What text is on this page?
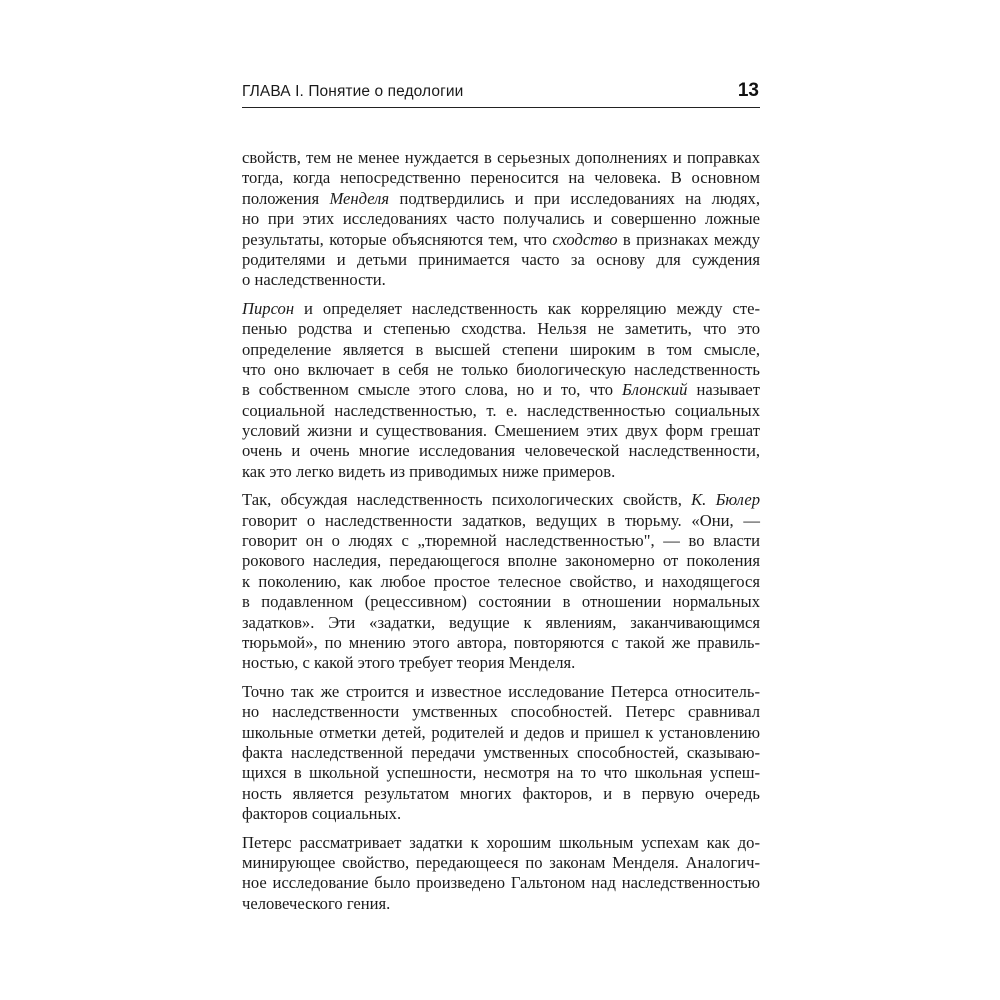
ГЛАВА I. Понятие о педологии	13
свойств, тем не менее нуждается в серьезных дополнениях и поправках
тогда, когда непосредственно переносится на человека. В основном
положения Менделя подтвердились и при исследованиях на людях,
но при этих исследованиях часто получались и совершенно ложные
результаты, которые объясняются тем, что сходство в признаках между
родителями и детьми принимается часто за основу для суждения
о наследственности.
Пирсон и определяет наследственность как корреляцию между сте-
пенью родства и степенью сходства. Нельзя не заметить, что это
определение является в высшей степени широким в том смысле,
что оно включает в себя не только биологическую наследственность
в собственном смысле этого слова, но и то, что Блонский называет
социальной наследственностью, т. е. наследственностью социальных
условий жизни и существования. Смешением этих двух форм грешат
очень и очень многие исследования человеческой наследственности,
как это легко видеть из приводимых ниже примеров.
Так, обсуждая наследственность психологических свойств, К. Бюлер
говорит о наследственности задатков, ведущих в тюрьму. «Они, —
говорит он о людях с „тюремной наследственностью", — во власти
рокового наследия, передающегося вполне закономерно от поколения
к поколению, как любое простое телесное свойство, и находящегося
в подавленном (рецессивном) состоянии в отношении нормальных
задатков». Эти «задатки, ведущие к явлениям, заканчивающимся
тюрьмой», по мнению этого автора, повторяются с такой же правиль-
ностью, с какой этого требует теория Менделя.
Точно так же строится и известное исследование Петерса относитель-
но наследственности умственных способностей. Петерс сравнивал
школьные отметки детей, родителей и дедов и пришел к установлению
факта наследственной передачи умственных способностей, сказываю-
щихся в школьной успешности, несмотря на то что школьная успеш-
ность является результатом многих факторов, и в первую очередь
факторов социальных.
Петерс рассматривает задатки к хорошим школьным успехам как до-
минирующее свойство, передающееся по законам Менделя. Аналогич-
ное исследование было произведено Гальтоном над наследственностью
человеческого гения.
